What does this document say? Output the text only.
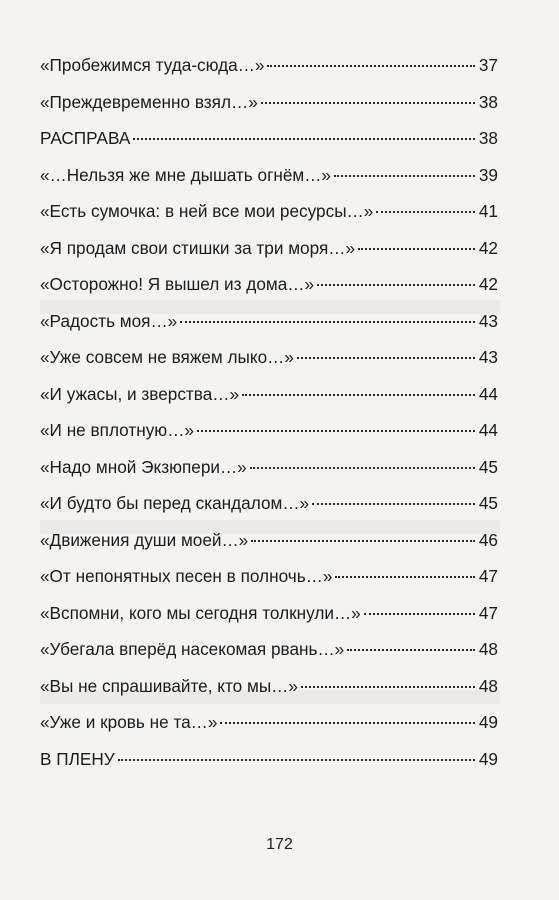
«Пробежимся туда-сюда…»	37
«Преждевременно взял…»	38
РАСПРАВА	38
«…Нельзя же мне дышать огнём…»	39
«Есть сумочка: в ней все мои ресурсы…»	41
«Я продам свои стишки за три моря…»	42
«Осторожно! Я вышел из дома…»	42
«Радость моя…»	43
«Уже совсем не вяжем лыко…»	43
«И ужасы, и зверства…»	44
«И не вплотную…»	44
«Надо мной Экзюпери…»	45
«И будто бы перед скандалом…»	45
«Движения души моей…»	46
«От непонятных песен в полночь…»	47
«Вспомни, кого мы сегодня толкнули…»	47
«Убегала вперёд насекомая рвань…»	48
«Вы не спрашивайте, кто мы…»	48
«Уже и кровь не та…»	49
В ПЛЕНУ	49
172
